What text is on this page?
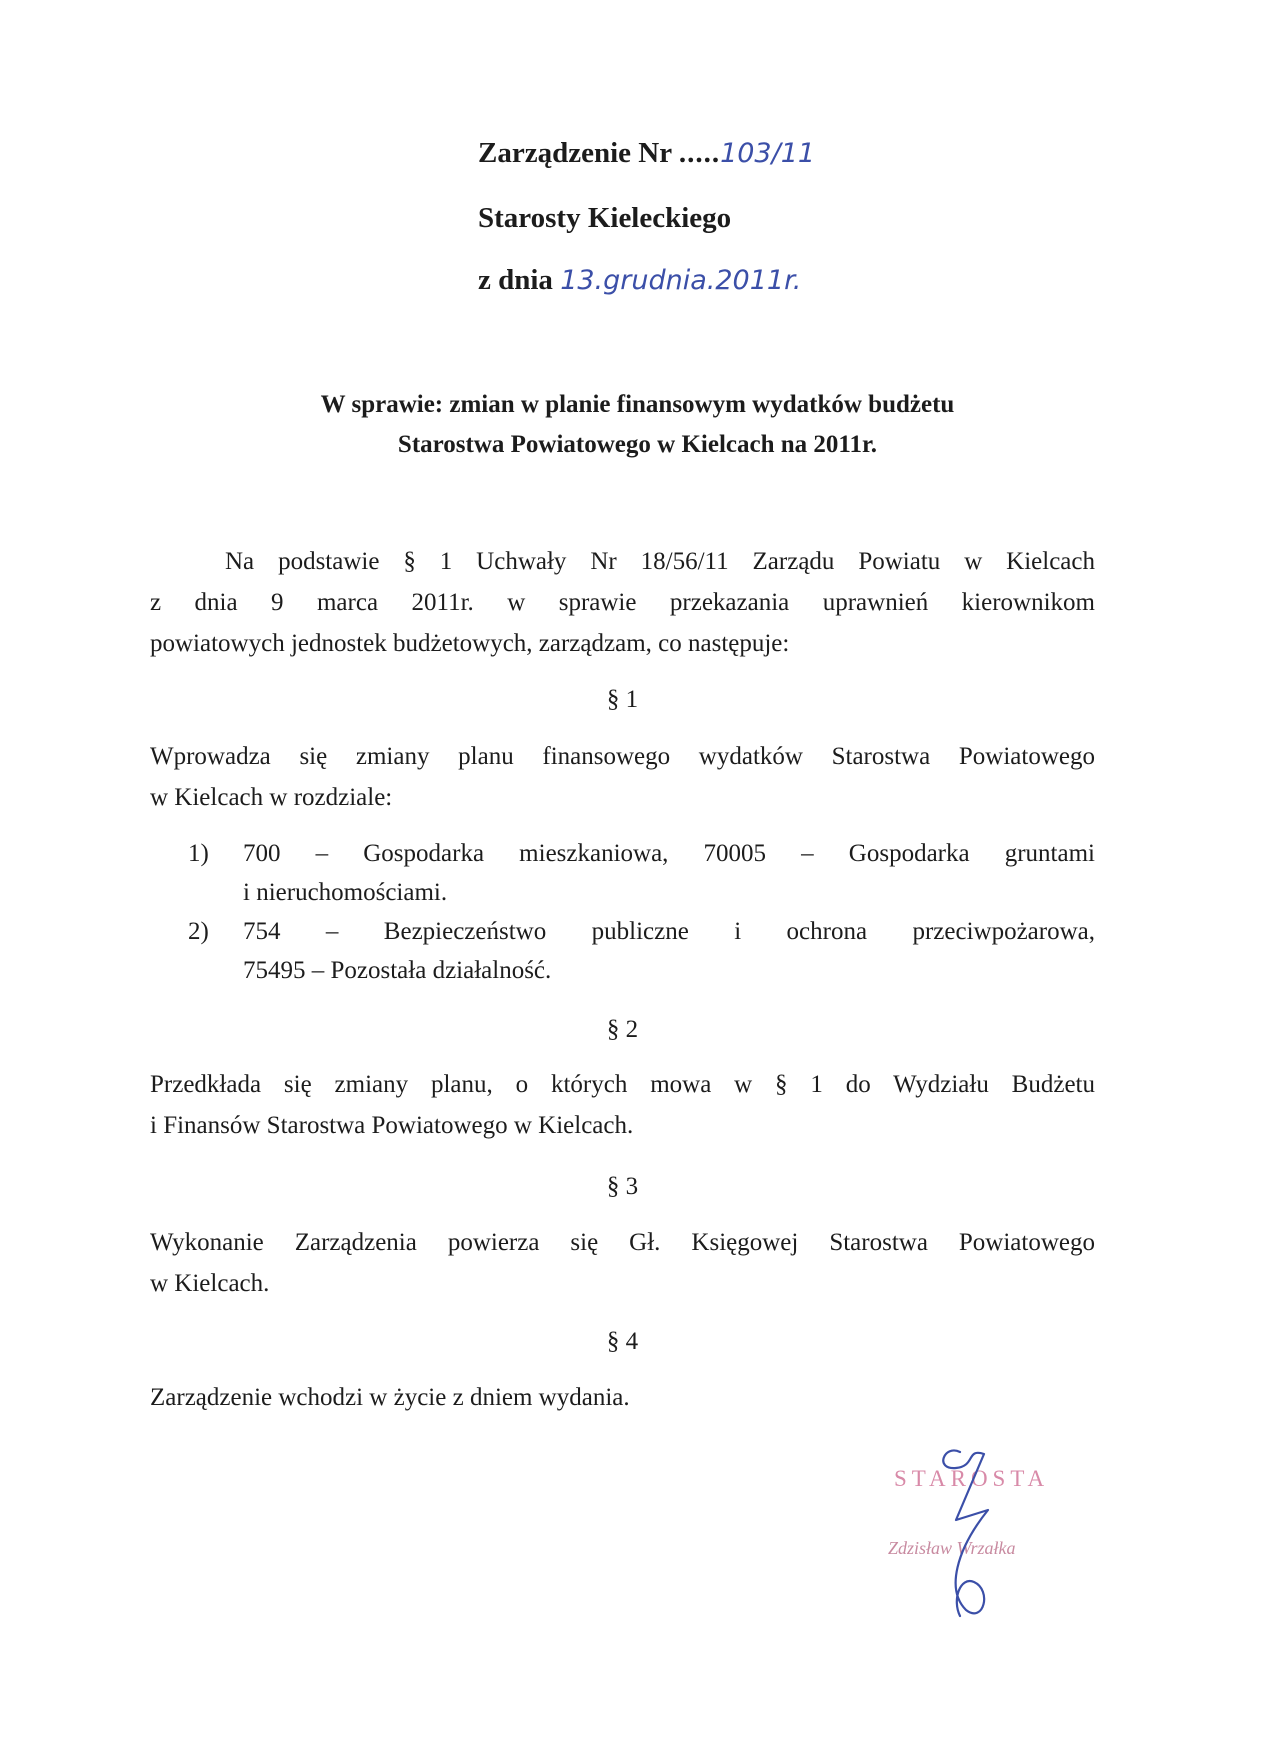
Zarządzenie Nr .....103/11
Starosty Kieleckiego
z dnia 13.grudnia.2011r.
W sprawie: zmian w planie finansowym wydatków budżetu
Starostwa Powiatowego w Kielcach na 2011r.
Na podstawie § 1 Uchwały Nr 18/56/11 Zarządu Powiatu w Kielcach
z dnia 9 marca 2011r. w sprawie przekazania uprawnień kierownikom
powiatowych jednostek budżetowych, zarządzam, co następuje:
§ 1
Wprowadza się zmiany planu finansowego wydatków Starostwa Powiatowego
w Kielcach w rozdziale:
1)	700 – Gospodarka mieszkaniowa, 70005 – Gospodarka gruntami
i nieruchomościami.
2)	754 – Bezpieczeństwo publiczne i ochrona przeciwpożarowa,
75495 – Pozostała działalność.
§ 2
Przedkłada się zmiany planu, o których mowa w § 1 do Wydziału Budżetu
i Finansów Starostwa Powiatowego w Kielcach.
§ 3
Wykonanie Zarządzenia powierza się Gł. Księgowej Starostwa Powiatowego
w Kielcach.
§ 4
Zarządzenie wchodzi w życie z dniem wydania.
STAROSTA
Zdzisław Wrzałka
